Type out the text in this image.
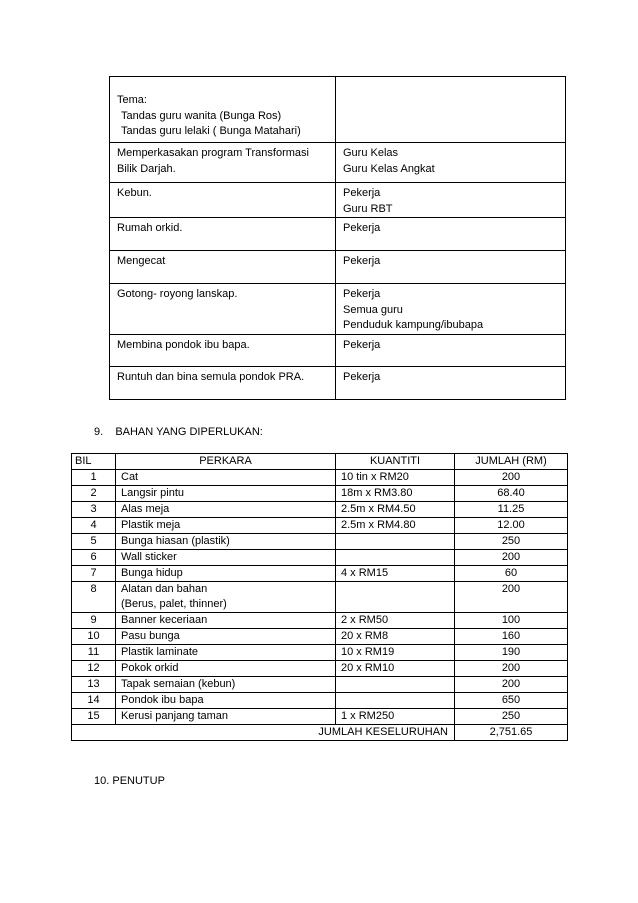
Tema:
Tandas guru wanita (Bunga Ros)
Tandas guru lelaki ( Bunga Matahari)	

Memperkasakan program Transformasi
Bilik Darjah.	Guru Kelas
Guru Kelas Angkat

Kebun.	Pekerja
Guru RBT

Rumah orkid.	Pekerja

Mengecat	Pekerja

Gotong- royong lanskap.	Pekerja
Semua guru
Penduduk kampung/ibubapa

Membina pondok ibu bapa.	Pekerja

Runtuh dan bina semula pondok PRA.	Pekerja
9. BAHAN YANG DIPERLUKAN:
BIL	PERKARA	KUANTITI	JUMLAH (RM)
1	Cat	10 tin x RM20	200
2	Langsir pintu	18m x RM3.80	68.40
3	Alas meja	2.5m x RM4.50	11.25
4	Plastik meja	2.5m x RM4.80	12.00
5	Bunga hiasan (plastik)		250
6	Wall sticker		200
7	Bunga hidup	4 x RM15	60
8	Alatan dan bahan
(Berus, palet, thinner)		200
9	Banner keceriaan	2 x RM50	100
10	Pasu bunga	20 x RM8	160
11	Plastik laminate	10 x RM19	190
12	Pokok orkid	20 x RM10	200
13	Tapak semaian (kebun)		200
14	Pondok ibu bapa		650
15	Kerusi panjang taman	1 x RM250	250
JUMLAH KESELURUHAN			2,751.65
10. PENUTUP
